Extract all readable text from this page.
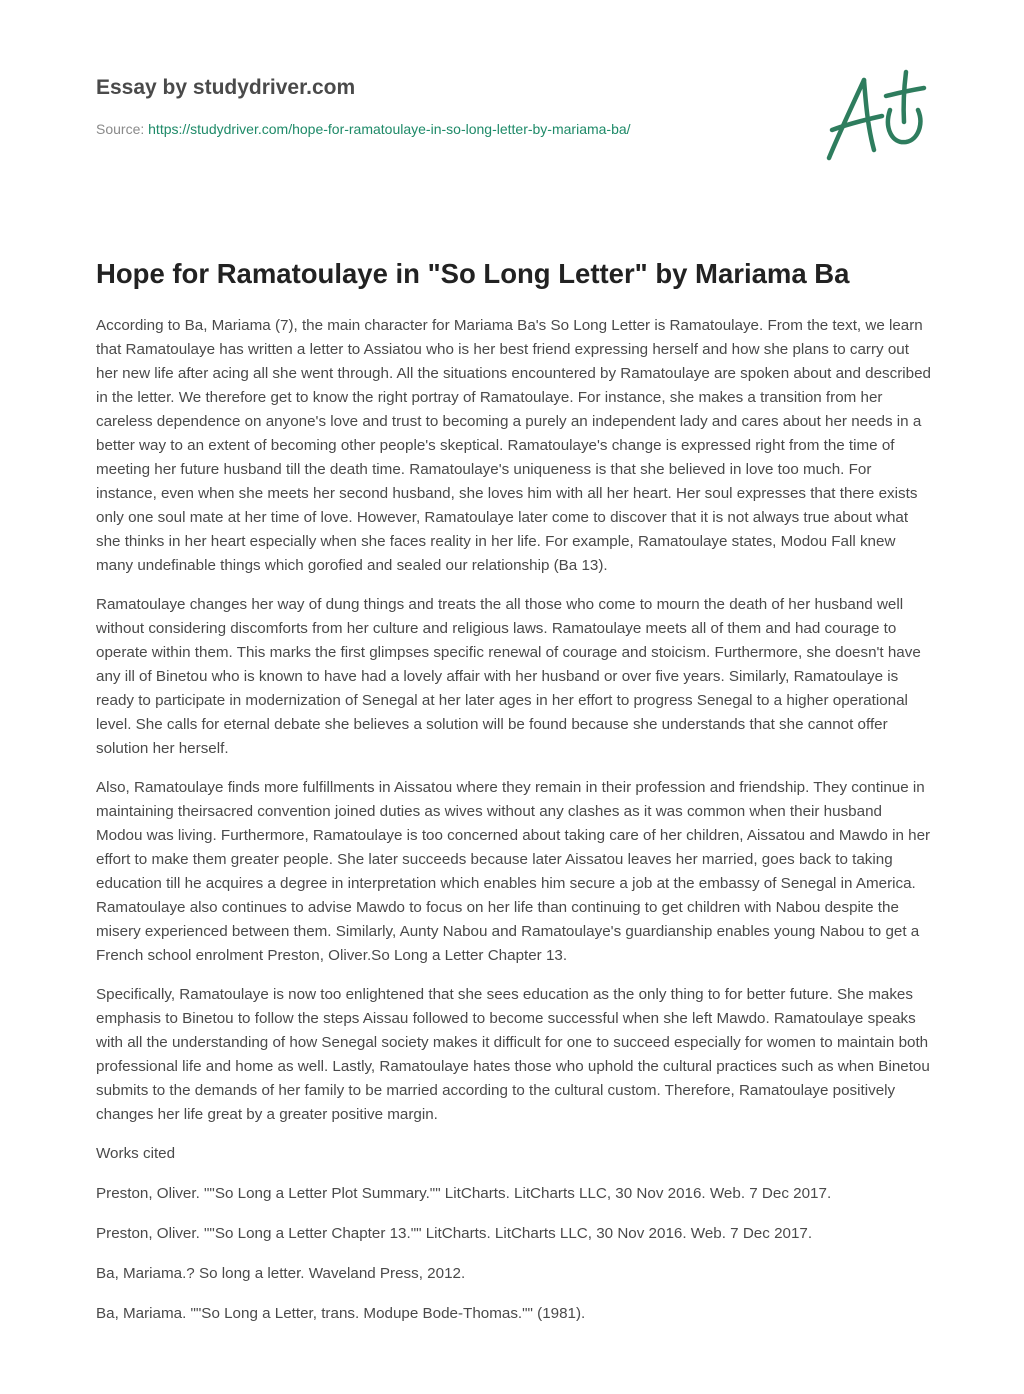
Essay by studydriver.com
Source: https://studydriver.com/hope-for-ramatoulaye-in-so-long-letter-by-mariama-ba/
Hope for Ramatoulaye in "So Long Letter" by Mariama Ba

According to Ba, Mariama (7), the main character for Mariama Ba's So Long Letter is Ramatoulaye. From the text, we learn that Ramatoulaye has written a letter to Assiatou who is her best friend expressing herself and how she plans to carry out her new life after acing all she went through. All the situations encountered by Ramatoulaye are spoken about and described in the letter. We therefore get to know the right portray of Ramatoulaye. For instance, she makes a transition from her careless dependence on anyone's love and trust to becoming a purely an independent lady and cares about her needs in a better way to an extent of becoming other people's skeptical. Ramatoulaye's change is expressed right from the time of meeting her future husband till the death time. Ramatoulaye's uniqueness is that she believed in love too much. For instance, even when she meets her second husband, she loves him with all her heart. Her soul expresses that there exists only one soul mate at her time of love. However, Ramatoulaye later come to discover that it is not always true about what she thinks in her heart especially when she faces reality in her life. For example, Ramatoulaye states, Modou Fall knew many undefinable things which gorofied and sealed our relationship (Ba 13).

Ramatoulaye changes her way of dung things and treats the all those who come to mourn the death of her husband well without considering discomforts from her culture and religious laws. Ramatoulaye meets all of them and had courage to operate within them. This marks the first glimpses specific renewal of courage and stoicism. Furthermore, she doesn't have any ill of Binetou who is known to have had a lovely affair with her husband or over five years. Similarly, Ramatoulaye is ready to participate in modernization of Senegal at her later ages in her effort to progress Senegal to a higher operational level. She calls for eternal debate she believes a solution will be found because she understands that she cannot offer solution her herself.

Also, Ramatoulaye finds more fulfillments in Aissatou where they remain in their profession and friendship. They continue in maintaining theirsacred convention joined duties as wives without any clashes as it was common when their husband Modou was living. Furthermore, Ramatoulaye is too concerned about taking care of her children, Aissatou and Mawdo in her effort to make them greater people. She later succeeds because later Aissatou leaves her married, goes back to taking education till he acquires a degree in interpretation which enables him secure a job at the embassy of Senegal in America. Ramatoulaye also continues to advise Mawdo to focus on her life than continuing to get children with Nabou despite the misery experienced between them. Similarly, Aunty Nabou and Ramatoulaye's guardianship enables young Nabou to get a French school enrolment Preston, Oliver.So Long a Letter Chapter 13.

Specifically, Ramatoulaye is now too enlightened that she sees education as the only thing to for better future. She makes emphasis to Binetou to follow the steps Aissau followed to become successful when she left Mawdo. Ramatoulaye speaks with all the understanding of how Senegal society makes it difficult for one to succeed especially for women to maintain both professional life and home as well. Lastly, Ramatoulaye hates those who uphold the cultural practices such as when Binetou submits to the demands of her family to be married according to the cultural custom. Therefore, Ramatoulaye positively changes her life great by a greater positive margin.

Works cited

Preston, Oliver. ""So Long a Letter Plot Summary."" LitCharts. LitCharts LLC, 30 Nov 2016. Web. 7 Dec 2017.

Preston, Oliver. ""So Long a Letter Chapter 13."" LitCharts. LitCharts LLC, 30 Nov 2016. Web. 7 Dec 2017.

Ba, Mariama.? So long a letter. Waveland Press, 2012.

Ba, Mariama. ""So Long a Letter, trans. Modupe Bode-Thomas."" (1981).
